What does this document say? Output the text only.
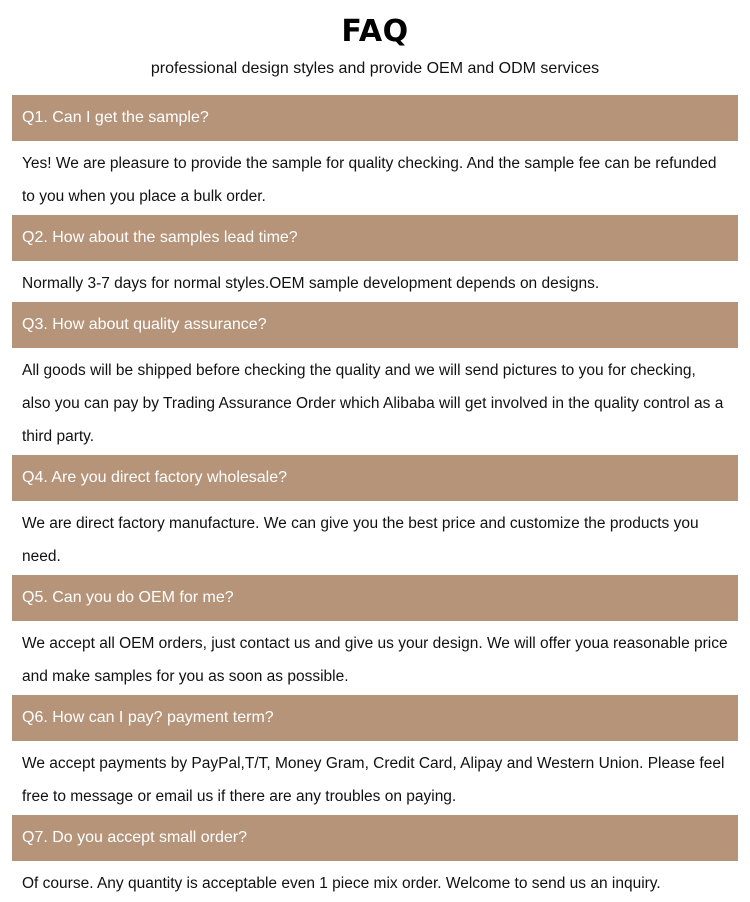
FAQ
professional design styles and provide OEM and ODM services
Q1. Can I get the sample?
Yes! We are pleasure to provide the sample for quality checking. And the sample fee can be refunded to you when you place a bulk order.
Q2. How about the samples lead time?
Normally 3-7 days for normal styles.OEM sample development depends on designs.
Q3. How about quality assurance?
All goods will be shipped before checking the quality and we will send pictures to you for checking, also you can pay by Trading Assurance Order which Alibaba will get involved in the quality control as a third party.
Q4. Are you direct factory wholesale?
We are direct factory manufacture. We can give you the best price and customize the products you need.
Q5. Can you do OEM for me?
We accept all OEM orders, just contact us and give us your design. We will offer youa reasonable price and make samples for you as soon as possible.
Q6. How can I pay? payment term?
We accept payments by PayPal,T/T, Money Gram, Credit Card, Alipay and Western Union. Please feel free to message or email us if there are any troubles on paying.
Q7. Do you accept small order?
Of course. Any quantity is acceptable even 1 piece mix order. Welcome to send us an inquiry.
